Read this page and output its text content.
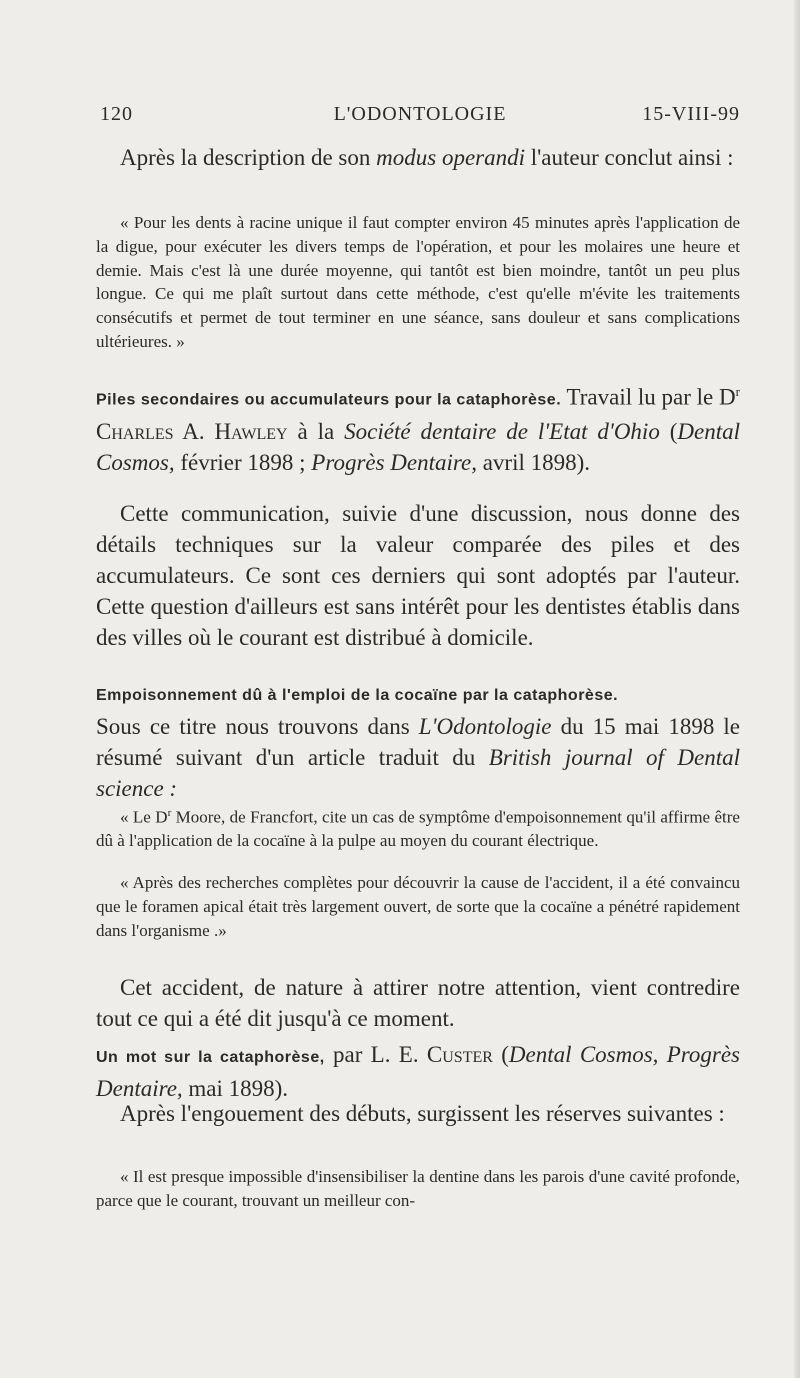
120	L'ODONTOLOGIE	15-VIII-99

Après la description de son modus operandi l'auteur conclut ainsi :

« Pour les dents à racine unique il faut compter environ 45 minutes après l'application de la digue, pour exécuter les divers temps de l'opération, et pour les molaires une heure et demie. Mais c'est là une durée moyenne, qui tantôt est bien moindre, tantôt un peu plus longue. Ce qui me plaît surtout dans cette méthode, c'est qu'elle m'évite les traitements consécutifs et permet de tout terminer en une séance, sans douleur et sans complications ultérieures. »

Piles secondaires ou accumulateurs pour la cataphorèse. Travail lu par le $D^r$ Charles A. Hawley à la Société dentaire de l'Etat d'Ohio (Dental Cosmos, février 1898 ; Progrès Dentaire, avril 1898).

Cette communication, suivie d'une discussion, nous donne des détails techniques sur la valeur comparée des piles et des accumulateurs. Ce sont ces derniers qui sont adoptés par l'auteur. Cette question d'ailleurs est sans intérêt pour les dentistes établis dans des villes où le courant est distribué à domicile.

Empoisonnement dû à l'emploi de la cocaïne par la cataphorèse.
Sous ce titre nous trouvons dans L'Odontologie du 15 mai 1898 le résumé suivant d'un article traduit du British journal of Dental science :

« Le $D^r$ Moore, de Francfort, cite un cas de symptôme d'empoisonnement qu'il affirme être dû à l'application de la cocaïne à la pulpe au moyen du courant électrique.

« Après des recherches complètes pour découvrir la cause de l'accident, il a été convaincu que le foramen apical était très largement ouvert, de sorte que la cocaïne a pénétré rapidement dans l'organisme .»

Cet accident, de nature à attirer notre attention, vient contredire tout ce qui a été dit jusqu'à ce moment.

Un mot sur la cataphorèse, par L. E. Custer (Dental Cosmos, Progrès Dentaire, mai 1898).

Après l'engouement des débuts, surgissent les réserves suivantes :

« Il est presque impossible d'insensibiliser la dentine dans les parois d'une cavité profonde, parce que le courant, trouvant un meilleur con-
